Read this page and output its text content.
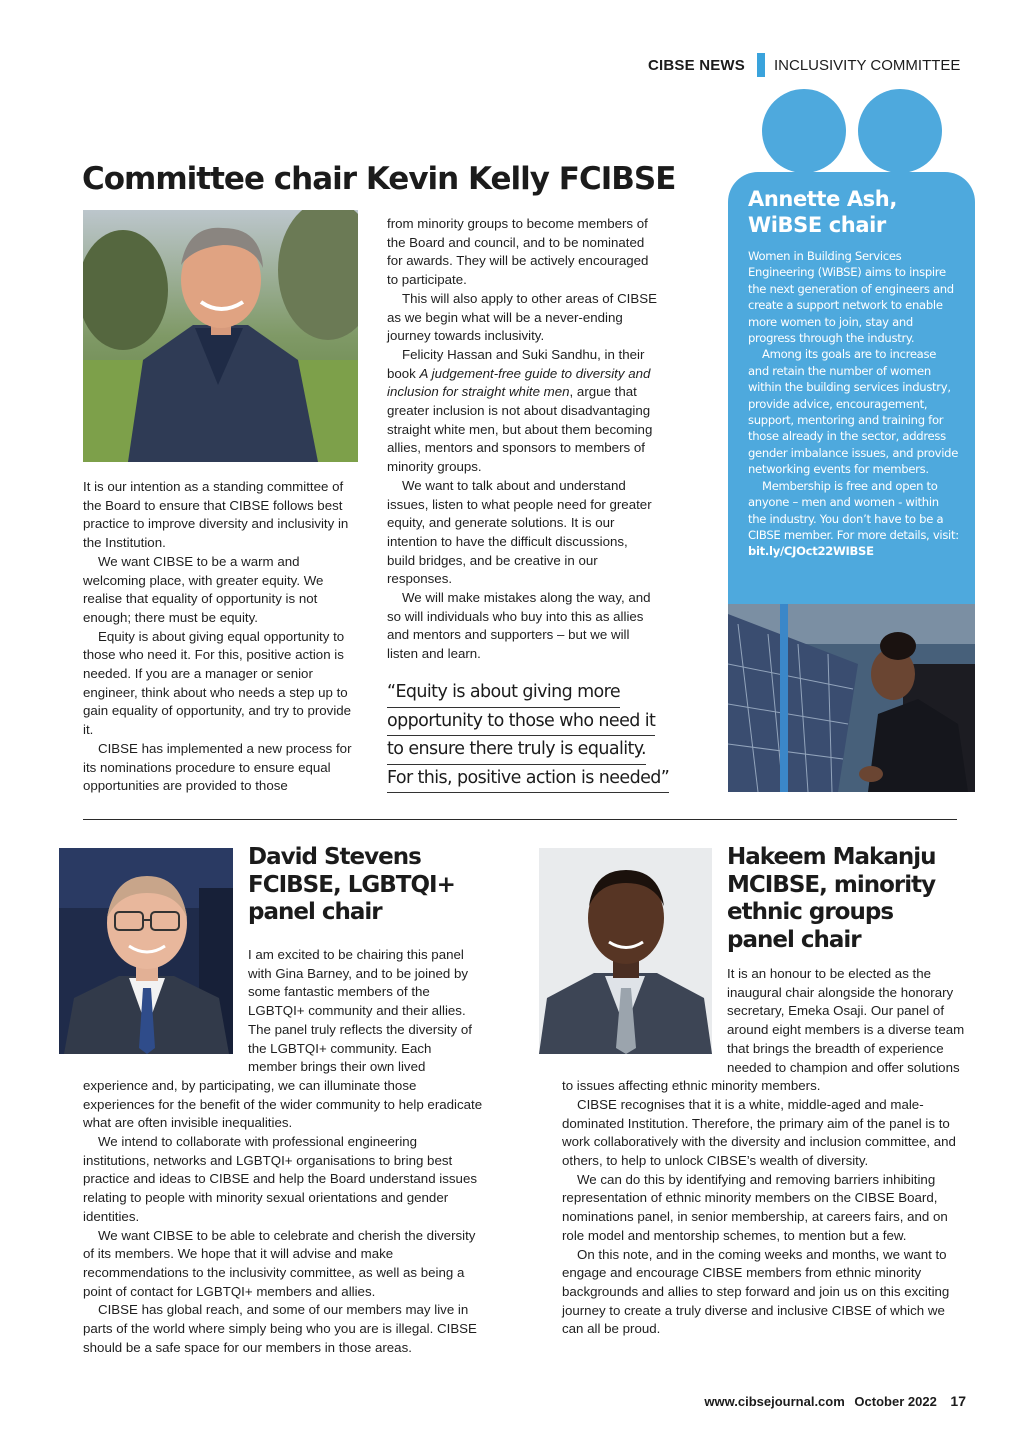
CIBSE NEWS INCLUSIVITY COMMITTEE
Committee chair Kevin Kelly FCIBSE

It is our intention as a standing committee of the Board to ensure that CIBSE follows best practice to improve diversity and inclusivity in the Institution.

We want CIBSE to be a warm and welcoming place, with greater equity. We realise that equality of opportunity is not enough; there must be equity.

Equity is about giving equal opportunity to those who need it. For this, positive action is needed. If you are a manager or senior engineer, think about who needs a step up to gain equality of opportunity, and try to provide it.

CIBSE has implemented a new process for its nominations procedure to ensure equal opportunities are provided to those

from minority groups to become members of the Board and council, and to be nominated for awards. They will be actively encouraged to participate.

This will also apply to other areas of CIBSE as we begin what will be a never-ending journey towards inclusivity.

Felicity Hassan and Suki Sandhu, in their book A judgement-free guide to diversity and inclusion for straight white men, argue that greater inclusion is not about disadvantaging straight white men, but about them becoming allies, mentors and sponsors to members of minority groups.

We want to talk about and understand issues, listen to what people need for greater equity, and generate solutions. It is our intention to have the difficult discussions, build bridges, and be creative in our responses.

We will make mistakes along the way, and so will individuals who buy into this as allies and mentors and supporters – but we will listen and learn.

“Equity is about giving more
opportunity to those who need it
to ensure there truly is equality.
For this, positive action is needed”
Annette Ash,
WiBSE chair

Women in Building Services Engineering (WiBSE) aims to inspire the next generation of engineers and create a support network to enable more women to join, stay and progress through the industry.

Among its goals are to increase and retain the number of women within the building services industry, provide advice, encouragement, support, mentoring and training for those already in the sector, address gender imbalance issues, and provide networking events for members.

Membership is free and open to anyone – men and women - within the industry. You don’t have to be a CIBSE member. For more details, visit: bit.ly/CJOct22WIBSE

David Stevens
FCIBSE, LGBTQI+
panel chair

I am excited to be chairing this panel with Gina Barney, and to be joined by some fantastic members of the LGBTQI+ community and their allies. The panel truly reflects the diversity of the LGBTQI+ community. Each member brings their own lived experience and, by participating, we can illuminate those experiences for the benefit of the wider community to help eradicate what are often invisible inequalities.

We intend to collaborate with professional engineering institutions, networks and LGBTQI+ organisations to bring best practice and ideas to CIBSE and help the Board understand issues relating to people with minority sexual orientations and gender identities.

We want CIBSE to be able to celebrate and cherish the diversity of its members. We hope that it will advise and make recommendations to the inclusivity committee, as well as being a point of contact for LGBTQI+ members and allies.

CIBSE has global reach, and some of our members may live in parts of the world where simply being who you are is illegal. CIBSE should be a safe space for our members in those areas.

Hakeem Makanju
MCIBSE, minority
ethnic groups
panel chair

It is an honour to be elected as the inaugural chair alongside the honorary secretary, Emeka Osaji. Our panel of around eight members is a diverse team that brings the breadth of experience needed to champion and offer solutions to issues affecting ethnic minority members.

CIBSE recognises that it is a white, middle-aged and male-dominated Institution. Therefore, the primary aim of the panel is to work collaboratively with the diversity and inclusion committee, and others, to help to unlock CIBSE’s wealth of diversity.

We can do this by identifying and removing barriers inhibiting representation of ethnic minority members on the CIBSE Board, nominations panel, in senior membership, at careers fairs, and on role model and mentorship schemes, to mention but a few.

On this note, and in the coming weeks and months, we want to engage and encourage CIBSE members from ethnic minority backgrounds and allies to step forward and join us on this exciting journey to create a truly diverse and inclusive CIBSE of which we can all be proud.

www.cibsejournal.com October 2022 17
